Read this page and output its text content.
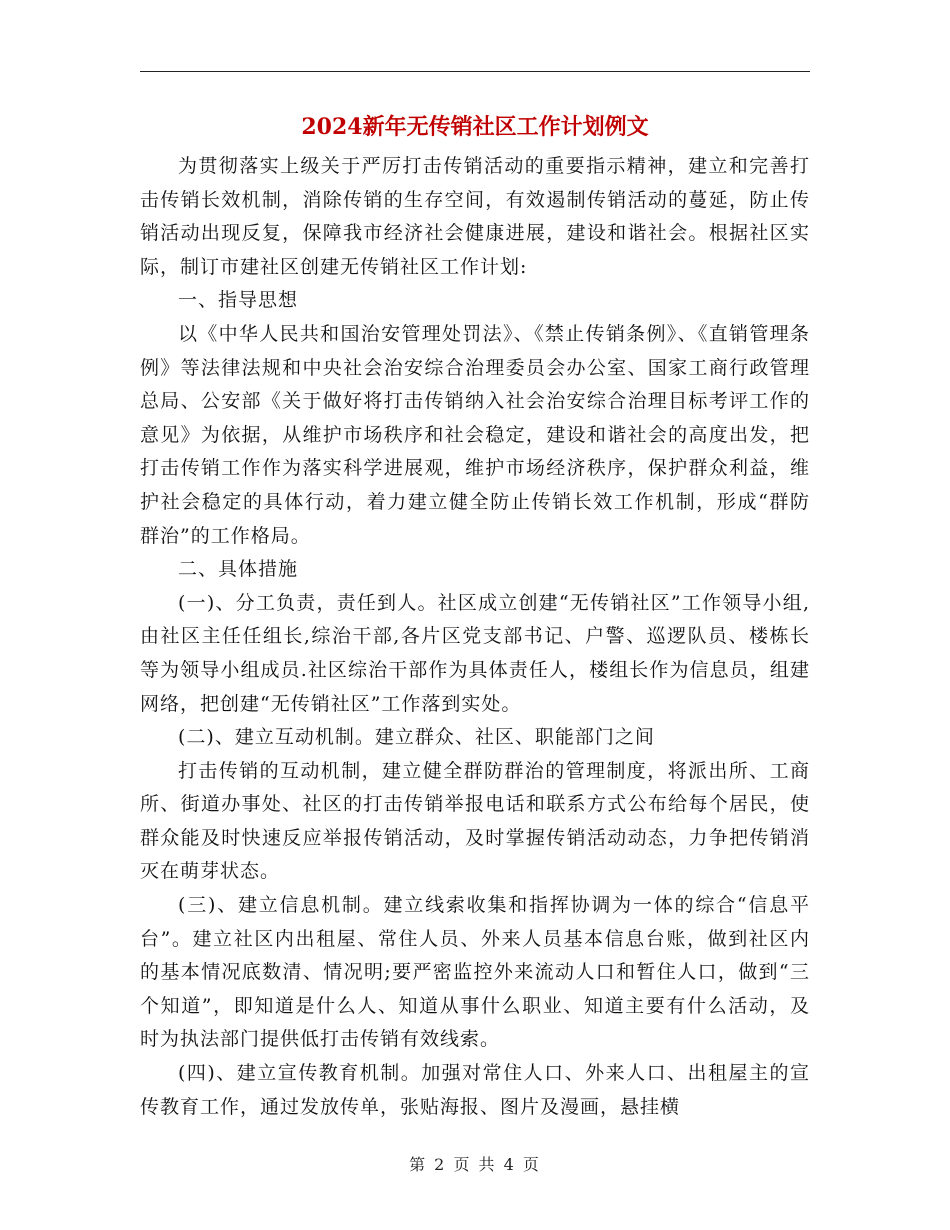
2024新年无传销社区工作计划例文

为贯彻落实上级关于严厉打击传销活动的重要指示精神，建立和完善打击传销长效机制，消除传销的生存空间，有效遏制传销活动的蔓延，防止传销活动出现反复，保障我市经济社会健康进展，建设和谐社会。根据社区实际，制订市建社区创建无传销社区工作计划:

一、指导思想

以《中华人民共和国治安管理处罚法》、《禁止传销条例》、《直销管理条例》等法律法规和中央社会治安综合治理委员会办公室、国家工商行政管理总局、公安部《关于做好将打击传销纳入社会治安综合治理目标考评工作的意见》为依据，从维护市场秩序和社会稳定，建设和谐社会的高度出发，把打击传销工作作为落实科学进展观，维护市场经济秩序，保护群众利益，维护社会稳定的具体行动，着力建立健全防止传销长效工作机制，形成“群防群治”的工作格局。

二、具体措施

(一)、分工负责，责任到人。社区成立创建“无传销社区”工作领导小组,由社区主任任组长,综治干部,各片区党支部书记、户警、巡逻队员、楼栋长等为领导小组成员.社区综治干部作为具体责任人，楼组长作为信息员，组建网络，把创建“无传销社区”工作落到实处。

(二)、建立互动机制。建立群众、社区、职能部门之间

打击传销的互动机制，建立健全群防群治的管理制度，将派出所、工商所、街道办事处、社区的打击传销举报电话和联系方式公布给每个居民，使群众能及时快速反应举报传销活动，及时掌握传销活动动态，力争把传销消灭在萌芽状态。

(三)、建立信息机制。建立线索收集和指挥协调为一体的综合“信息平台”。建立社区内出租屋、常住人员、外来人员基本信息台账，做到社区内的基本情况底数清、情况明;要严密监控外来流动人口和暂住人口，做到“三个知道”，即知道是什么人、知道从事什么职业、知道主要有什么活动，及时为执法部门提供低打击传销有效线索。

(四)、建立宣传教育机制。加强对常住人口、外来人口、出租屋主的宣传教育工作，通过发放传单，张贴海报、图片及漫画，悬挂横

第 2 页 共 4 页
